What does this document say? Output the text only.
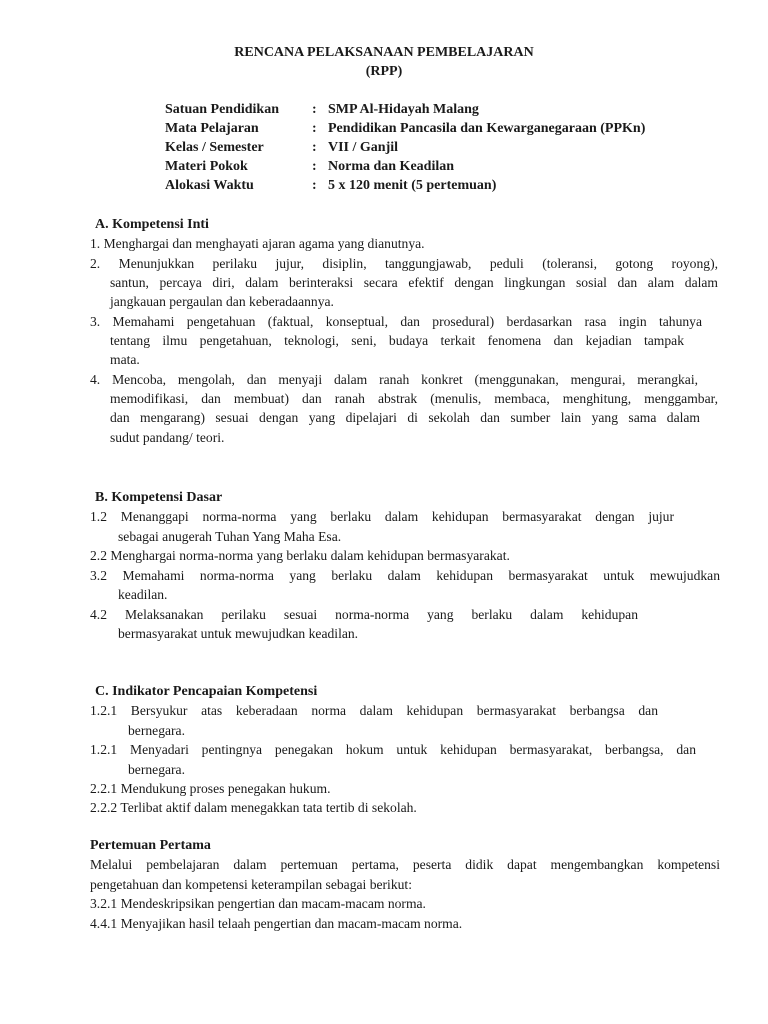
RENCANA PELAKSANAAN PEMBELAJARAN
(RPP)
Satuan Pendidikan : SMP Al-Hidayah Malang
Mata Pelajaran	: Pendidikan Pancasila dan Kewarganegaraan (PPKn)
Kelas / Semester	: VII / Ganjil
Materi Pokok	: Norma dan Keadilan
Alokasi Waktu	: 5 x 120 menit (5 pertemuan)
A. Kompetensi Inti
1. Menghargai dan menghayati ajaran agama yang dianutnya.
2. Menunjukkan perilaku jujur, disiplin, tanggungjawab, peduli (toleransi, gotong royong),
santun, percaya diri, dalam berinteraksi secara efektif dengan lingkungan sosial dan alam dalam
jangkauan pergaulan dan keberadaannya.
3. Memahami pengetahuan (faktual, konseptual, dan prosedural) berdasarkan rasa ingin tahunya
tentang ilmu pengetahuan, teknologi, seni, budaya terkait fenomena dan kejadian tampak
mata.
4. Mencoba, mengolah, dan menyaji dalam ranah konkret (menggunakan, mengurai, merangkai,
memodifikasi, dan membuat) dan ranah abstrak (menulis, membaca, menghitung, menggambar,
dan mengarang) sesuai dengan yang dipelajari di sekolah dan sumber lain yang sama dalam
sudut pandang/ teori.
B. Kompetensi Dasar
1.2 Menanggapi norma-norma yang berlaku dalam kehidupan bermasyarakat dengan jujur
sebagai anugerah Tuhan Yang Maha Esa.
2.2 Menghargai norma-norma yang berlaku dalam kehidupan bermasyarakat.
3.2 Memahami norma-norma yang berlaku dalam kehidupan bermasyarakat untuk mewujudkan
keadilan.
4.2 Melaksanakan perilaku sesuai norma-norma yang berlaku dalam kehidupan
bermasyarakat untuk mewujudkan keadilan.
C. Indikator Pencapaian Kompetensi
1.2.1 Bersyukur atas keberadaan norma dalam kehidupan bermasyarakat berbangsa dan
bernegara.
1.2.1 Menyadari pentingnya penegakan hokum untuk kehidupan bermasyarakat, berbangsa, dan
bernegara.
2.2.1 Mendukung proses penegakan hukum.
2.2.2 Terlibat aktif dalam menegakkan tata tertib di sekolah.
Pertemuan Pertama
Melalui pembelajaran dalam pertemuan pertama, peserta didik dapat mengembangkan kompetensi
pengetahuan dan kompetensi keterampilan sebagai berikut:
3.2.1 Mendeskripsikan pengertian dan macam-macam norma.
4.4.1 Menyajikan hasil telaah pengertian dan macam-macam norma.
